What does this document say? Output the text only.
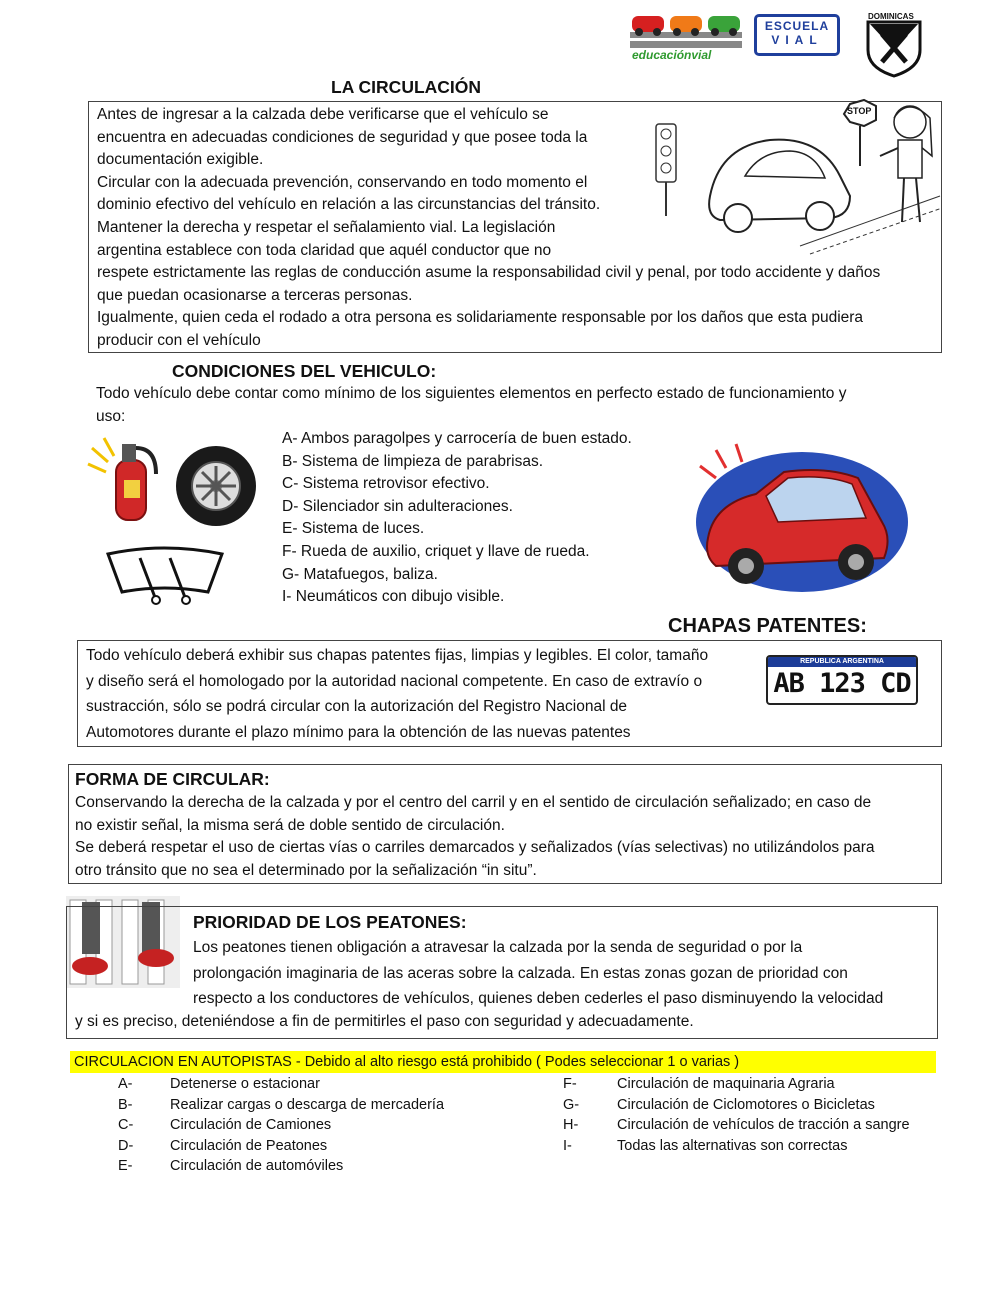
educaciónvial
ESCUELA
VIAL
DOMINICAS
LA CIRCULACIÓN

Antes de ingresar a la calzada debe verificarse que el vehículo se

encuentra en adecuadas condiciones de seguridad y que posee toda la

documentación exigible.

Circular con la adecuada prevención, conservando en todo momento el

dominio efectivo del vehículo en relación a las circunstancias del tránsito.

Mantener la derecha y respetar el señalamiento vial. La legislación

argentina establece con toda claridad que aquél conductor que no

respete estrictamente las reglas de conducción asume la responsabilidad civil y penal, por todo accidente y daños

que puedan ocasionarse a terceras personas.

Igualmente, quien ceda el rodado a otra persona es solidariamente responsable por los daños que esta pudiera

producir con el vehículo

STOP
CONDICIONES DEL VEHICULO:

Todo vehículo debe contar como mínimo de los siguientes elementos en perfecto estado de funcionamiento y

uso:

A- Ambos paragolpes y carrocería de buen estado.
B- Sistema de limpieza de parabrisas.
C- Sistema retrovisor efectivo.
D- Silenciador sin adulteraciones.
E- Sistema de luces.
F- Rueda de auxilio, criquet y llave de rueda.
G- Matafuegos, baliza.
I- Neumáticos con dibujo visible.
CHAPAS PATENTES:

Todo vehículo deberá exhibir sus chapas patentes fijas, limpias y legibles. El color, tamaño

y diseño será el homologado por la autoridad nacional competente. En caso de extravío o

sustracción, sólo se podrá circular con la autorización del Registro Nacional de

Automotores durante el plazo mínimo para la obtención de las nuevas patentes

REPUBLICA ARGENTINA
AB 123 CD
FORMA DE CIRCULAR:

Conservando la derecha de la calzada y por el centro del carril y en el sentido de circulación señalizado; en caso de

no existir señal, la misma será de doble sentido de circulación.

Se deberá respetar el uso de ciertas vías o carriles demarcados y señalizados (vías selectivas) no utilizándolos para

otro tránsito que no sea el determinado por la señalización “in situ”.

PRIORIDAD DE LOS PEATONES:

Los peatones tienen obligación a atravesar la calzada por la senda de seguridad o por la

prolongación imaginaria de las aceras sobre la calzada. En estas zonas gozan de prioridad con

respecto a los conductores de vehículos, quienes deben cederles el paso disminuyendo la velocidad

y si es preciso, deteniéndose a fin de permitirles el paso con seguridad y adecuadamente.

CIRCULACION EN AUTOPISTAS - Debido al alto riesgo está prohibido ( Podes seleccionar 1 o varias )
A-	Detenerse o estacionar
B-	Realizar cargas o descarga de mercadería
C-	Circulación de Camiones
D-	Circulación de Peatones
E-	Circulación de automóviles
F-	Circulación de maquinaria Agraria
G-	Circulación de Ciclomotores o Bicicletas
H-	Circulación de vehículos de tracción a sangre
I-	Todas las alternativas son correctas
